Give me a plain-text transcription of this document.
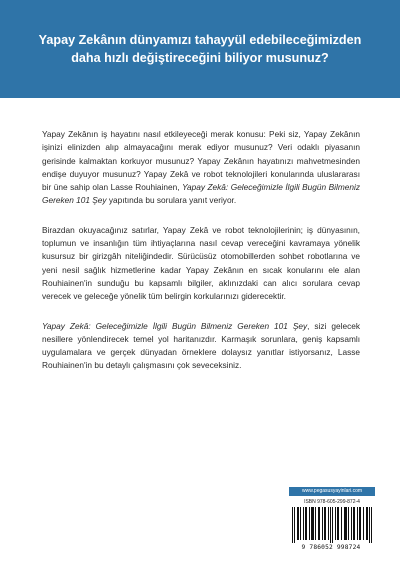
Yapay Zekânın dünyamızı tahayyül edebileceğimizden
daha hızlı değiştireceğini biliyor musunuz?

Yapay Zekânın iş hayatını nasıl etkileyeceği merak konusu: Peki siz, Yapay Zekânın işinizi elinizden alıp almayacağını merak ediyor musunuz? Veri odaklı piyasanın gerisinde kalmaktan korkuyor musunuz? Yapay Zekânın hayatınızı mahvetmesinden endişe duyuyor musunuz? Yapay Zekâ ve robot teknolojileri konularında uluslararası bir üne sahip olan Lasse Rouhiainen, Yapay Zekâ: Geleceğimizle İlgili Bugün Bilmeniz Gereken 101 Şey yapıtında bu sorulara yanıt veriyor.

Birazdan okuyacağınız satırlar, Yapay Zekâ ve robot teknolojilerinin; iş dünyasının, toplumun ve insanlığın tüm ihtiyaçlarına nasıl cevap vereceğini kavramaya yönelik kusursuz bir girizgâh niteliğindedir. Sürücüsüz otomobillerden sohbet robotlarına ve yeni nesil sağlık hizmetlerine kadar Yapay Zekânın en sıcak konularını ele alan Rouhiainen'in sunduğu bu kapsamlı bilgiler, aklınızdaki can alıcı sorulara cevap verecek ve geleceğe yönelik tüm belirgin korkularınızı giderecektir.

Yapay Zekâ: Geleceğimizle İlgili Bugün Bilmeniz Gereken 101 Şey, sizi gelecek nesillere yönlendirecek temel yol haritanızdır. Karmaşık sorunlara, geniş kapsamlı uygulamalara ve gerçek dünyadan örneklere dolaysız yanıtlar istiyorsanız, Lasse Rouhiainen'in bu detaylı çalışmasını çok seveceksiniz.

www.pegasusyayinlari.com
ISBN 978-605-299-872-4
9 786052 998724
